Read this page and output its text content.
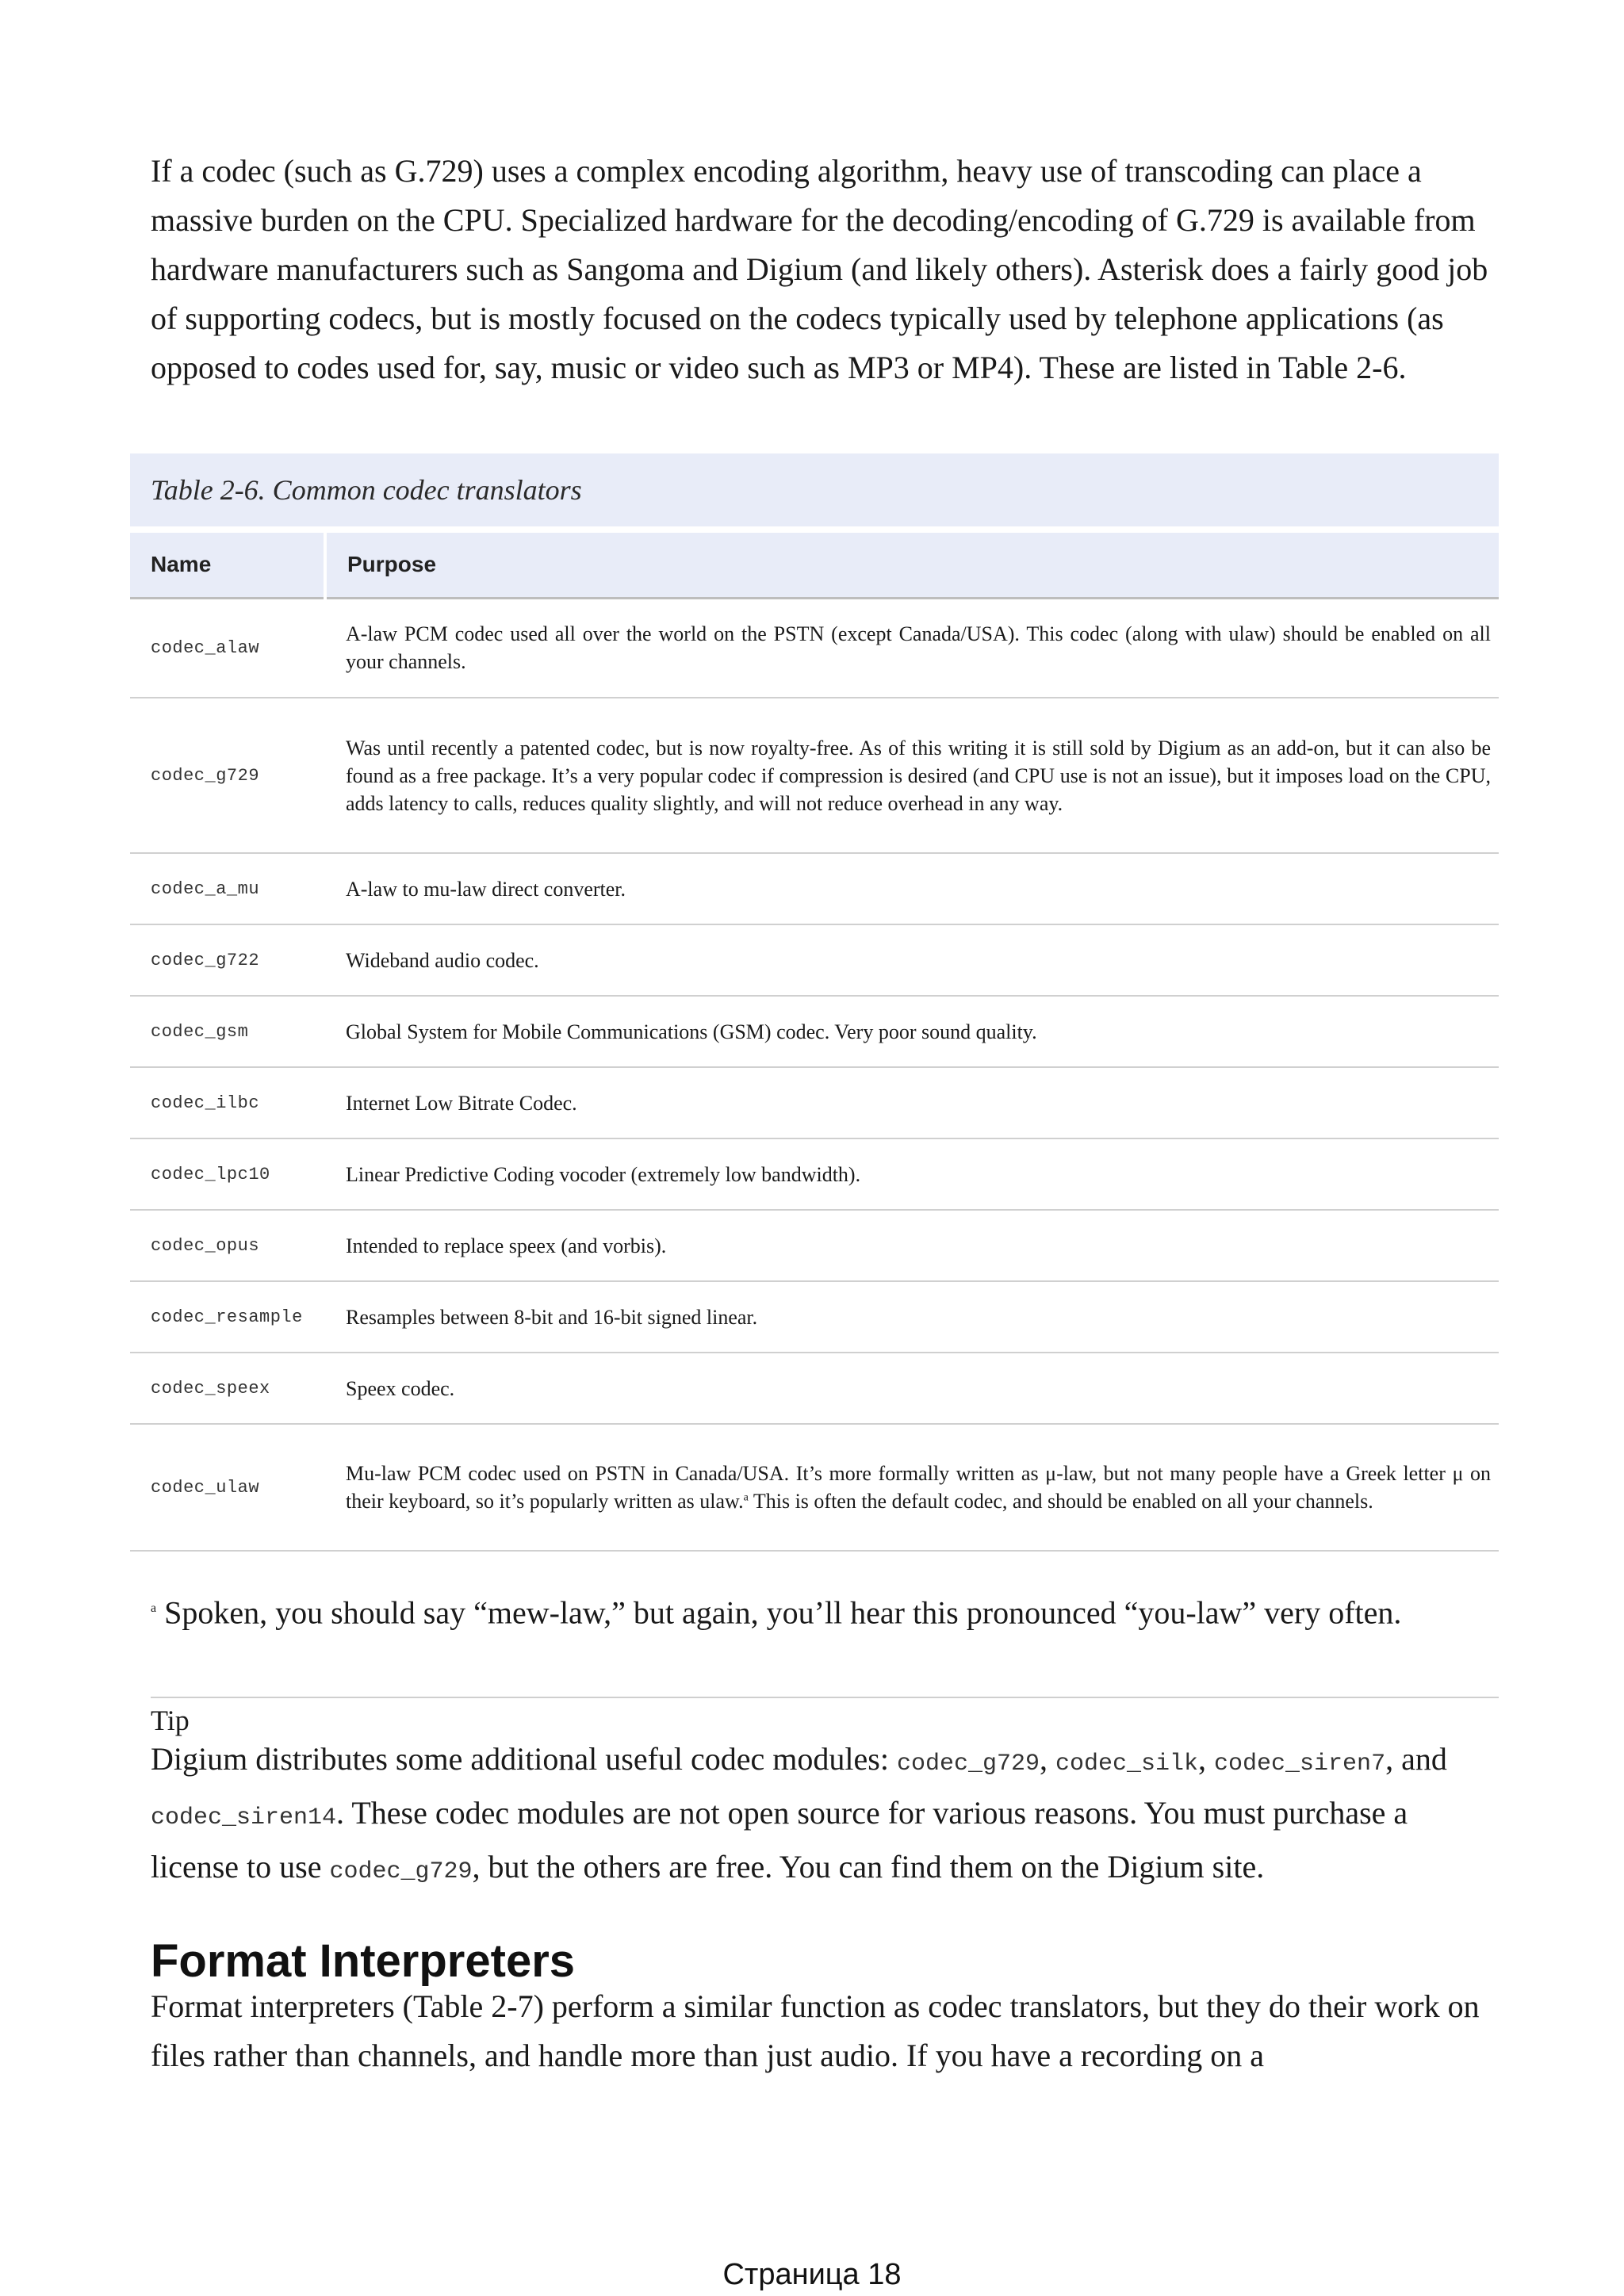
If a codec (such as G.729) uses a complex encoding algorithm, heavy use of transcoding can place a massive burden on the CPU. Specialized hardware for the decoding/encoding of G.729 is available from hardware manufacturers such as Sangoma and Digium (and likely others). Asterisk does a fairly good job of supporting codecs, but is mostly focused on the codecs typically used by telephone applications (as opposed to codes used for, say, music or video such as MP3 or MP4). These are listed in Table 2-6.

Table 2-6. Common codec translators
Name	Purpose
codec_alaw	A-law PCM codec used all over the world on the PSTN (except Canada/USA). This codec (along with ulaw) should be enabled on all your channels.
codec_g729	Was until recently a patented codec, but is now royalty-free. As of this writing it is still sold by Digium as an add-on, but it can also be found as a free package. It’s a very popular codec if compression is desired (and CPU use is not an issue), but it imposes load on the CPU, adds latency to calls, reduces quality slightly, and will not reduce overhead in any way.
codec_a_mu	A-law to mu-law direct converter.
codec_g722	Wideband audio codec.
codec_gsm	Global System for Mobile Communications (GSM) codec. Very poor sound quality.
codec_ilbc	Internet Low Bitrate Codec.
codec_lpc10	Linear Predictive Coding vocoder (extremely low bandwidth).
codec_opus	Intended to replace speex (and vorbis).
codec_resample	Resamples between 8-bit and 16-bit signed linear.
codec_speex	Speex codec.
codec_ulaw	Mu-law PCM codec used on PSTN in Canada/USA. It’s more formally written as μ-law, but not many people have a Greek letter μ on their keyboard, so it’s popularly written as ulaw.$^a$ This is often the default codec, and should be enabled on all your channels.

$^a$ Spoken, you should say “mew-law,” but again, you’ll hear this pronounced “you-law” very often.

Tip

Digium distributes some additional useful codec modules: codec_g729, codec_silk, codec_siren7, and codec_siren14. These codec modules are not open source for various reasons. You must purchase a license to use codec_g729, but the others are free. You can find them on the Digium site.

Format Interpreters

Format interpreters (Table 2-7) perform a similar function as codec translators, but they do their work on files rather than channels, and handle more than just audio. If you have a recording on a

Страница 18
